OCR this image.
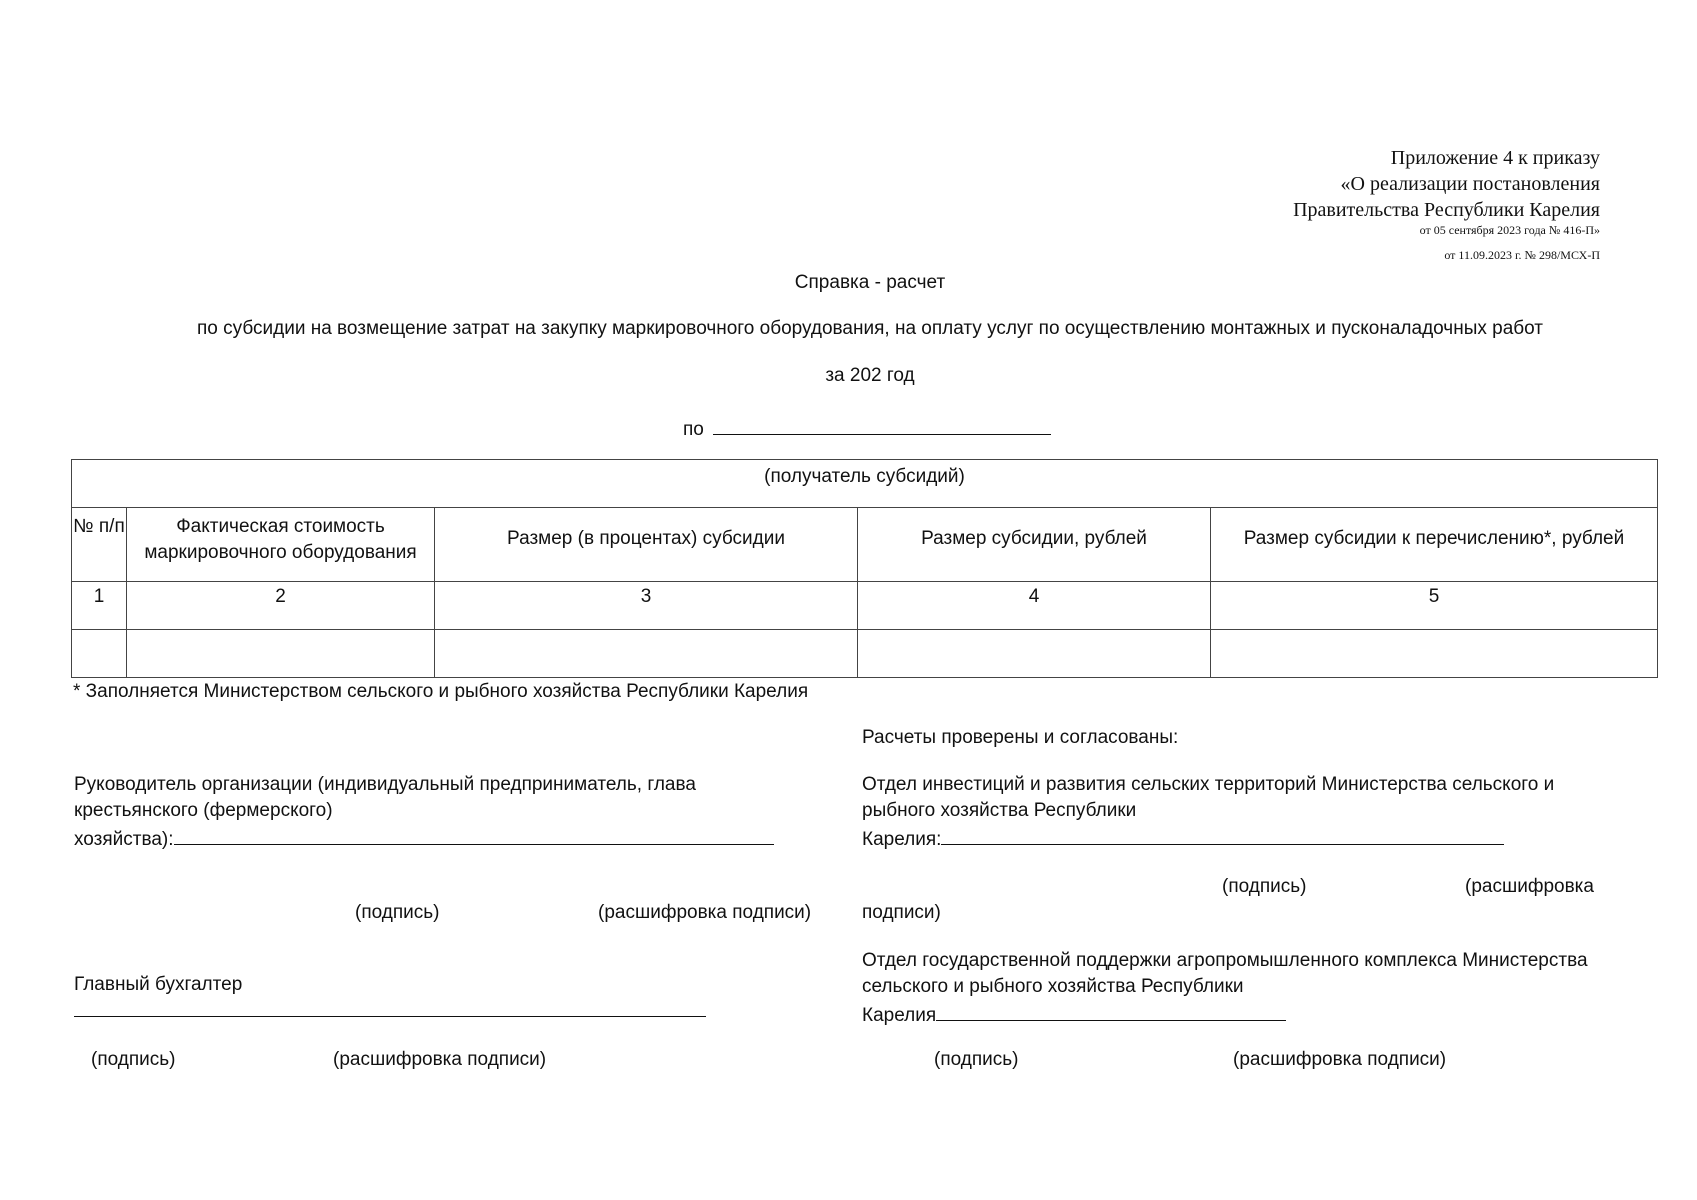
Приложение 4 к приказу
«О реализации постановления
Правительства Республики Карелия
от 05 сентября 2023 года № 416-П»
от 11.09.2023 г. № 298/МСХ-П
Справка - расчет
по субсидии на возмещение затрат на закупку маркировочного оборудования, на оплату услуг по осуществлению монтажных и пусконаладочных работ
за 202 год
по
(получатель субсидий)				
№ п/п	Фактическая стоимость маркировочного оборудования	Размер (в процентах) субсидии	Размер субсидии, рублей	Размер субсидии к перечислению*, рублей
1	2	3	4	5

* Заполняется Министерством сельского и рыбного хозяйства Республики Карелия
Руководитель организации (индивидуальный предприниматель, глава
крестьянского (фермерского)
хозяйства):
(подпись)	(расшифровка подписи)
Главный бухгалтер
(подпись)	(расшифровка подписи)
Расчеты проверены и согласованы:
Отдел инвестиций и развития сельских территорий Министерства сельского и
рыбного хозяйства Республики
Карелия:
(подпись)	(расшифровка
подписи)
Отдел государственной поддержки агропромышленного комплекса Министерства
сельского и рыбного хозяйства Республики
Карелия
(подпись)	(расшифровка подписи)
